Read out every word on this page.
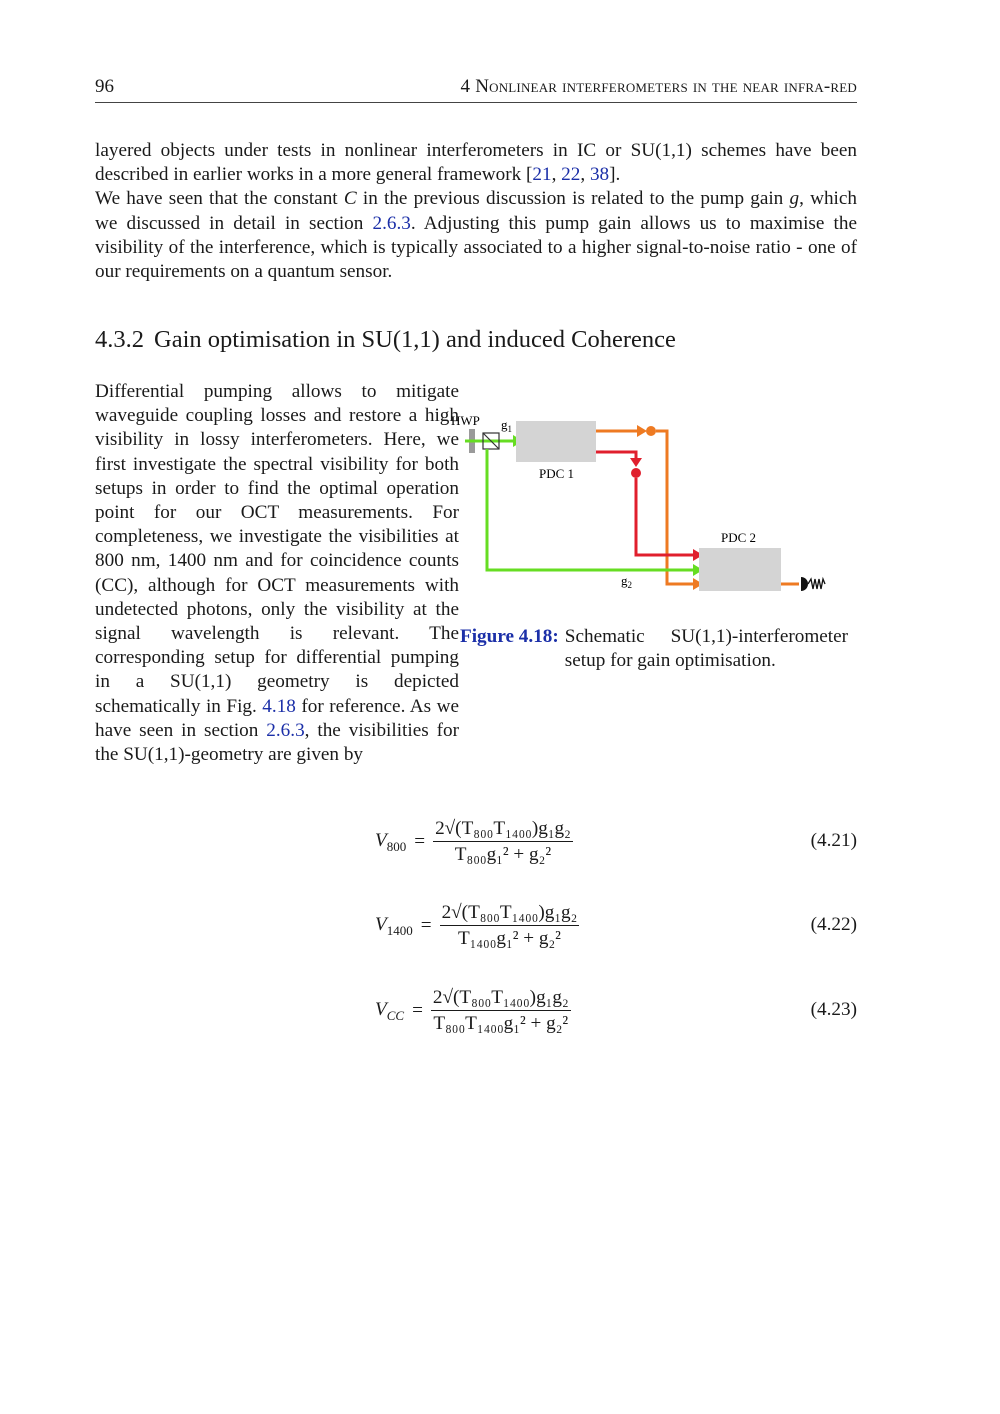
96	4 Nonlinear interferometers in the near infra-red

layered objects under tests in nonlinear interferometers in IC or SU(1,1) schemes have been described in earlier works in a more general framework [21, 22, 38].

We have seen that the constant C in the previous discussion is related to the pump gain g, which we discussed in detail in section 2.6.3. Adjusting this pump gain allows us to maximise the visibility of the interference, which is typically associated to a higher signal-to-noise ratio - one of our requirements on a quantum sensor.

4.3.2 Gain optimisation in SU(1,1) and induced Coherence
HWP $g_1$
PDC 1
$g_2$
PDC 2
Figure 4.18: Schematic SU(1,1)-interferometer setup for gain optimisation.
Differential pumping allows to mitigate waveguide coupling losses and restore a high visibility in lossy interferometers. Here, we first investigate the spectral visibility for both setups in order to find the optimal operation point for our OCT measurements. For completeness, we investigate the visibilities at 800 nm, 1400 nm and for coincidence counts (CC), although for OCT measurements with undetected photons, only the visibility at the signal wavelength is relevant. The corresponding setup for differential pumping in a SU(1,1) geometry is depicted schematically in Fig. 4.18 for reference. As we have seen in section 2.6.3, the visibilities for the SU(1,1)-geometry are given by
$V_{800} = \frac{\text{2√(T₈₀₀T₁₄₀₀)g₁g₂}}{\text{T₈₀₀g₁² + g₂²}}$	(4.21)
$V_{1400} = \frac{\text{2√(T₈₀₀T₁₄₀₀)g₁g₂}}{\text{T₁₄₀₀g₁² + g₂²}}$	(4.22)
$V_{CC} = \frac{\text{2√(T₈₀₀T₁₄₀₀)g₁g₂}}{\text{T₈₀₀T₁₄₀₀g₁² + g₂²}}$	(4.23)
